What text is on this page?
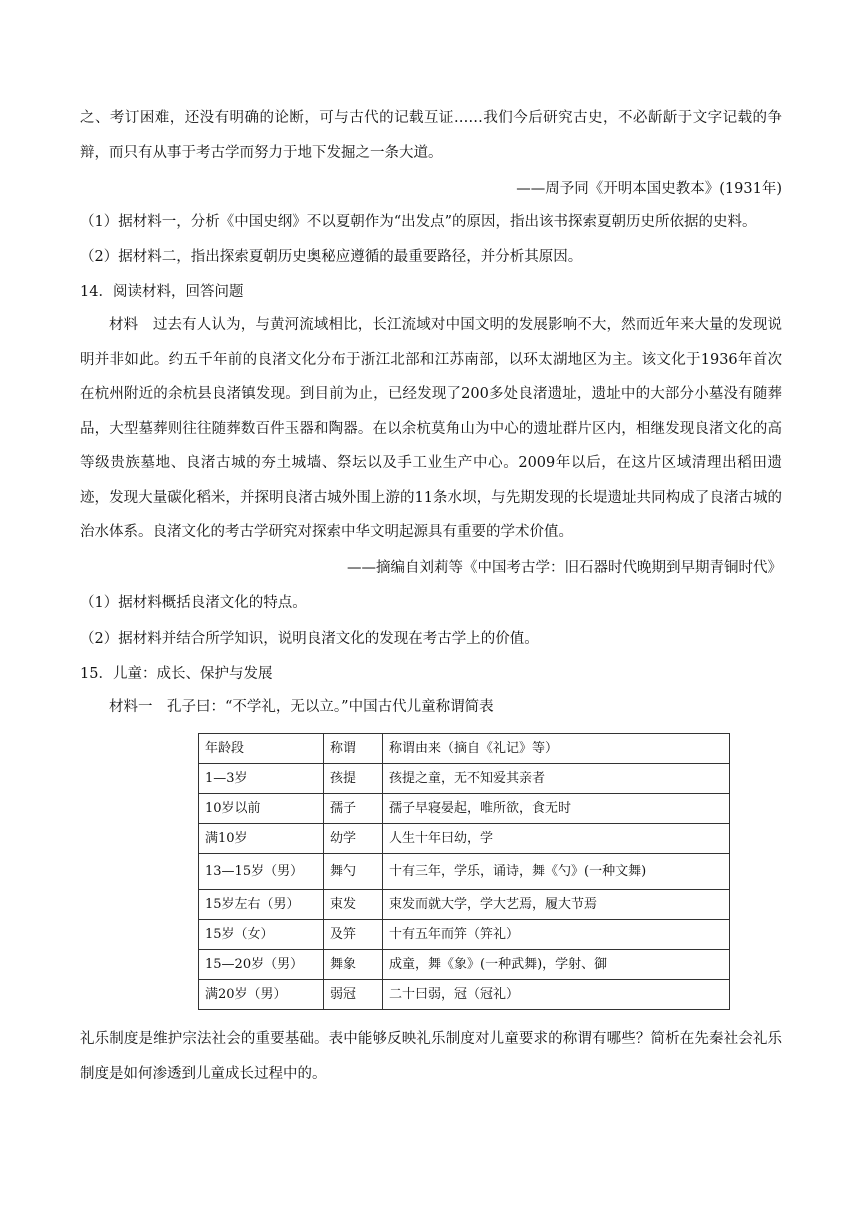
之、考订困难，还没有明确的论断，可与古代的记载互证……我们今后研究古史，不必龂龂于文字记载的争辩，而只有从事于考古学而努力于地下发掘之一条大道。

——周予同《开明本国史教本》(1931年)
（1）据材料一，分析《中国史纲》不以夏朝作为“出发点”的原因，指出该书探索夏朝历史所依据的史料。
（2）据材料二，指出探索夏朝历史奥秘应遵循的最重要路径，并分析其原因。
14．阅读材料，回答问题

材料　过去有人认为，与黄河流域相比，长江流域对中国文明的发展影响不大，然而近年来大量的发现说明并非如此。约五千年前的良渚文化分布于浙江北部和江苏南部，以环太湖地区为主。该文化于1936年首次在杭州附近的余杭县良渚镇发现。到目前为止，已经发现了200多处良渚遗址，遗址中的大部分小墓没有随葬品，大型墓葬则往往随葬数百件玉器和陶器。在以余杭莫角山为中心的遗址群片区内，相继发现良渚文化的高等级贵族墓地、良渚古城的夯土城墙、祭坛以及手工业生产中心。2009年以后，在这片区域清理出稻田遗迹，发现大量碳化稻米，并探明良渚古城外围上游的11条水坝，与先期发现的长堤遗址共同构成了良渚古城的治水体系。良渚文化的考古学研究对探索中华文明起源具有重要的学术价值。

——摘编自刘莉等《中国考古学：旧石器时代晚期到早期青铜时代》
（1）据材料概括良渚文化的特点。
（2）据材料并结合所学知识，说明良渚文化的发现在考古学上的价值。
15．儿童：成长、保护与发展
材料一　孔子曰：“不学礼，无以立。”中国古代儿童称谓简表
年龄段	称谓	称谓由来（摘自《礼记》等）
1—3岁	孩提	孩提之童，无不知爱其亲者
10岁以前	孺子	孺子早寝晏起，唯所欲，食无时
满10岁	幼学	人生十年曰幼，学
13—15岁（男）	舞勺	十有三年，学乐，诵诗，舞《勺》(一种文舞)
15岁左右（男）	束发	束发而就大学，学大艺焉，履大节焉
15岁（女）	及笄	十有五年而笄（笄礼）
15—20岁（男）	舞象	成童，舞《象》(一种武舞)，学射、御
满20岁（男）	弱冠	二十曰弱，冠（冠礼）

礼乐制度是维护宗法社会的重要基础。表中能够反映礼乐制度对儿童要求的称谓有哪些？简析在先秦社会礼乐制度是如何渗透到儿童成长过程中的。
